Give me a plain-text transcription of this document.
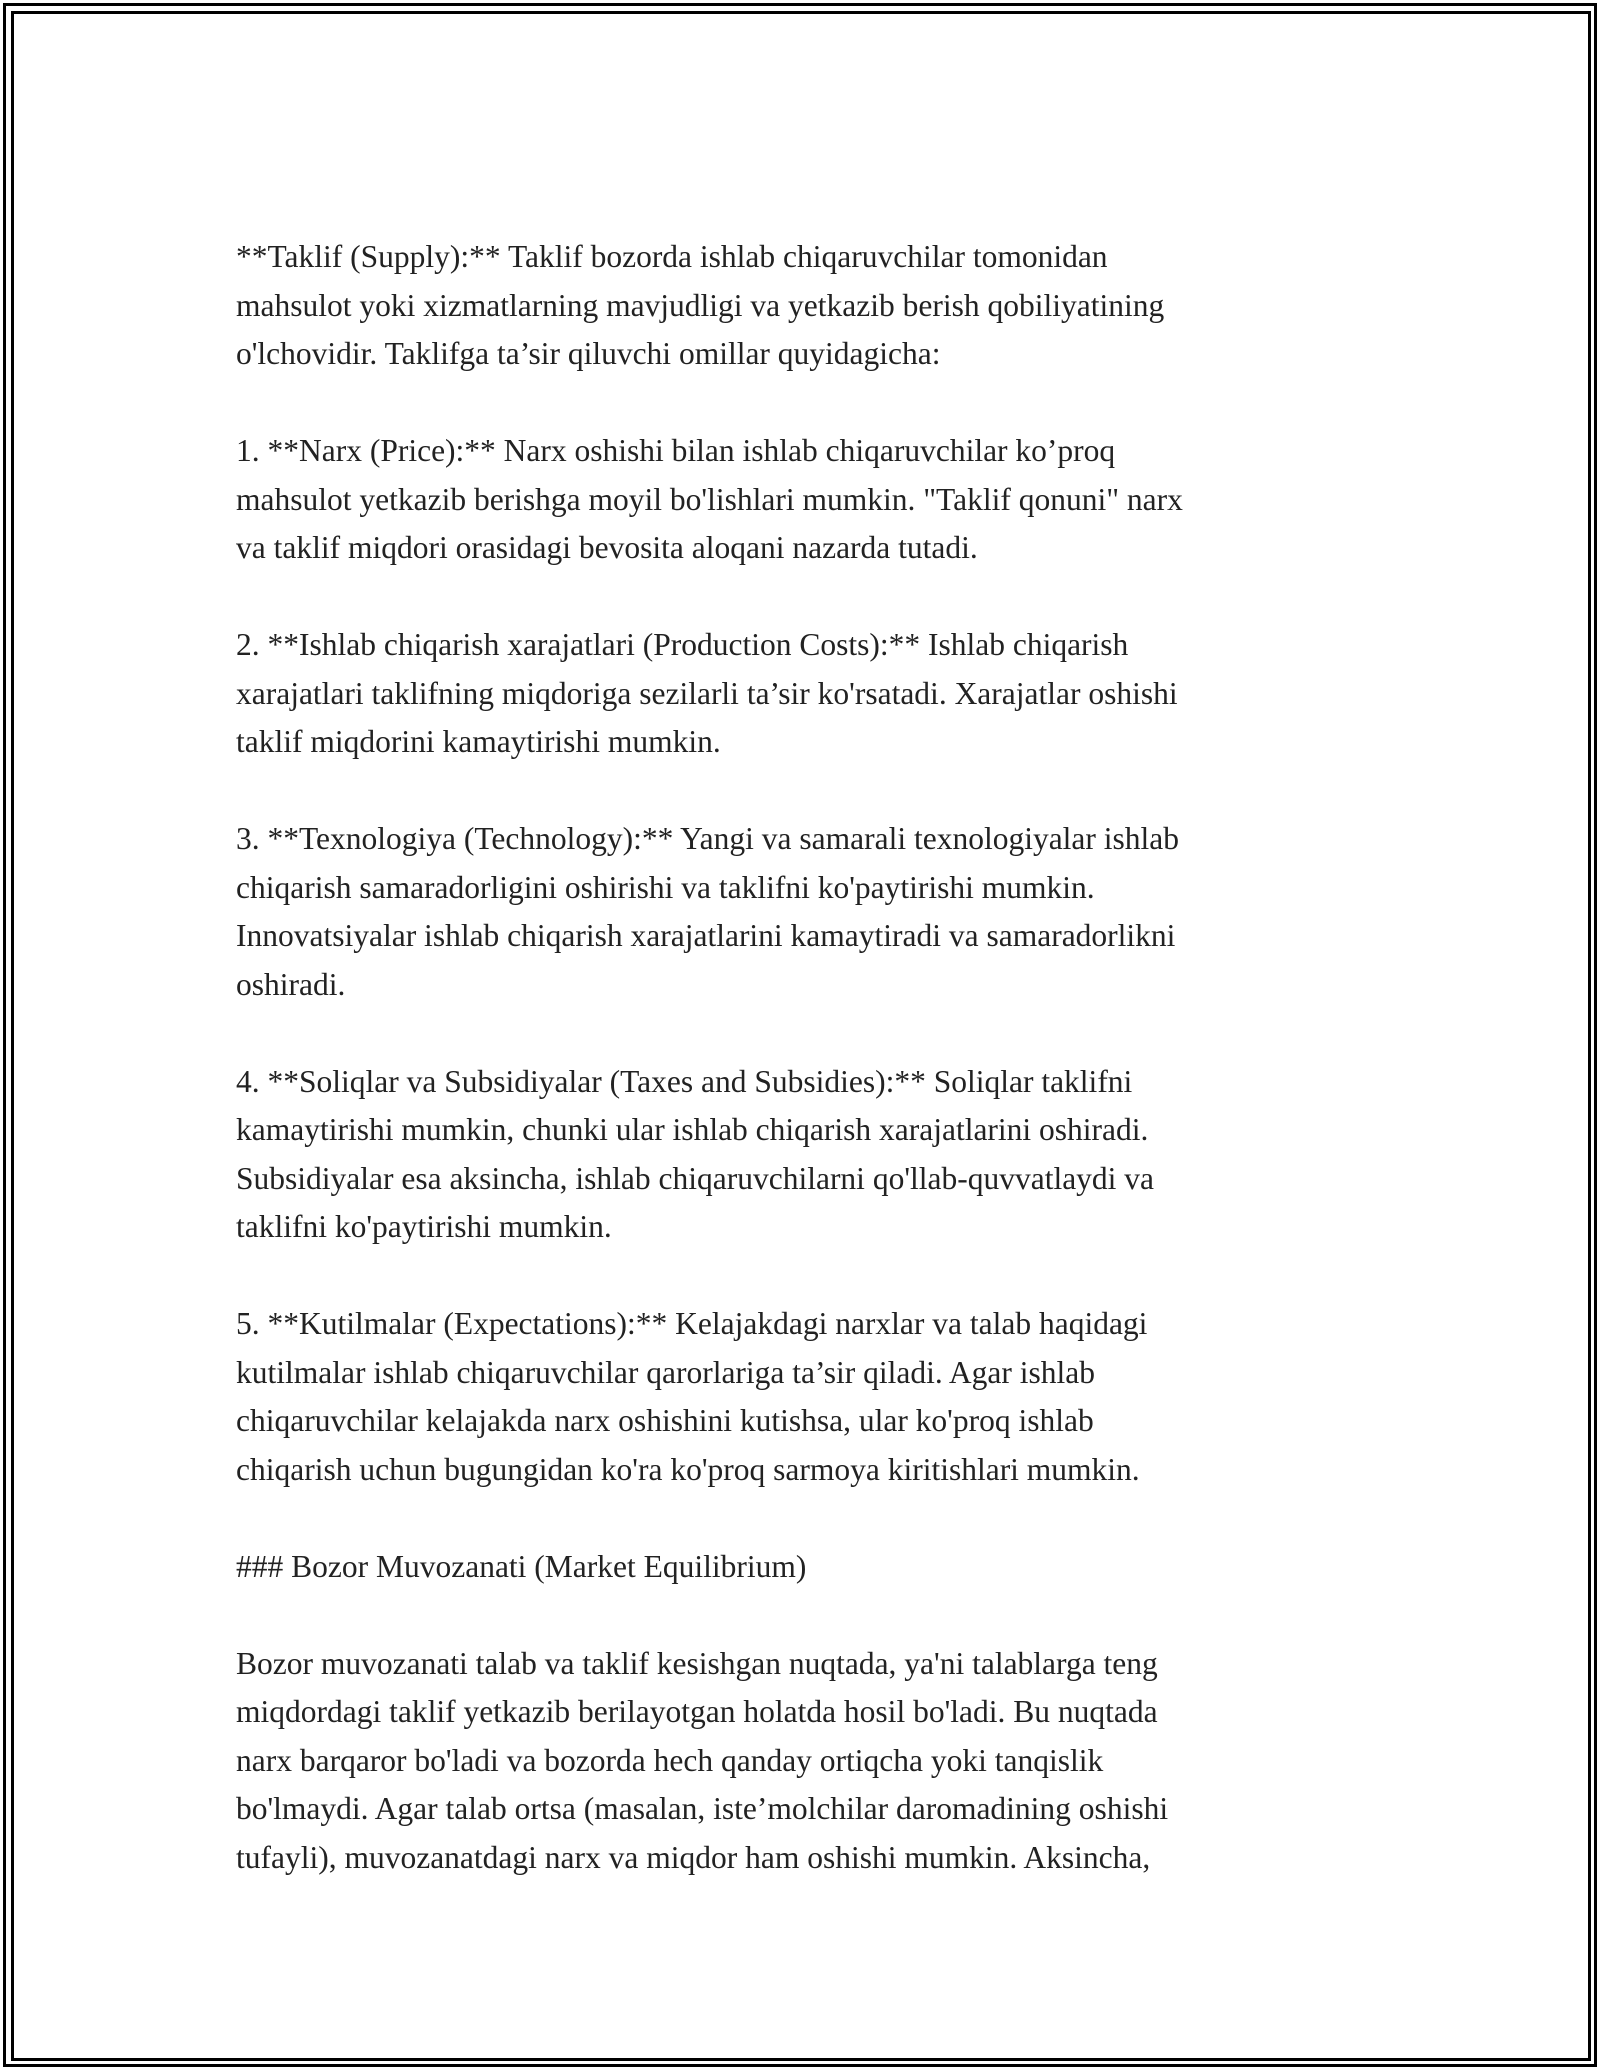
**Taklif (Supply):** Taklif bozorda ishlab chiqaruvchilar tomonidan
mahsulot yoki xizmatlarning mavjudligi va yetkazib berish qobiliyatining
o'lchovidir. Taklifga ta’sir qiluvchi omillar quyidagicha:

1. **Narx (Price):** Narx oshishi bilan ishlab chiqaruvchilar ko’proq
mahsulot yetkazib berishga moyil bo'lishlari mumkin. "Taklif qonuni" narx
va taklif miqdori orasidagi bevosita aloqani nazarda tutadi.

2. **Ishlab chiqarish xarajatlari (Production Costs):** Ishlab chiqarish
xarajatlari taklifning miqdoriga sezilarli ta’sir ko'rsatadi. Xarajatlar oshishi
taklif miqdorini kamaytirishi mumkin.

3. **Texnologiya (Technology):** Yangi va samarali texnologiyalar ishlab
chiqarish samaradorligini oshirishi va taklifni ko'paytirishi mumkin.
Innovatsiyalar ishlab chiqarish xarajatlarini kamaytiradi va samaradorlikni
oshiradi.

4. **Soliqlar va Subsidiyalar (Taxes and Subsidies):** Soliqlar taklifni
kamaytirishi mumkin, chunki ular ishlab chiqarish xarajatlarini oshiradi.
Subsidiyalar esa aksincha, ishlab chiqaruvchilarni qo'llab-quvvatlaydi va
taklifni ko'paytirishi mumkin.

5. **Kutilmalar (Expectations):** Kelajakdagi narxlar va talab haqidagi
kutilmalar ishlab chiqaruvchilar qarorlariga ta’sir qiladi. Agar ishlab
chiqaruvchilar kelajakda narx oshishini kutishsa, ular ko'proq ishlab
chiqarish uchun bugungidan ko'ra ko'proq sarmoya kiritishlari mumkin.

### Bozor Muvozanati (Market Equilibrium)

Bozor muvozanati talab va taklif kesishgan nuqtada, ya'ni talablarga teng
miqdordagi taklif yetkazib berilayotgan holatda hosil bo'ladi. Bu nuqtada
narx barqaror bo'ladi va bozorda hech qanday ortiqcha yoki tanqislik
bo'lmaydi. Agar talab ortsa (masalan, iste’molchilar daromadining oshishi
tufayli), muvozanatdagi narx va miqdor ham oshishi mumkin. Aksincha,
